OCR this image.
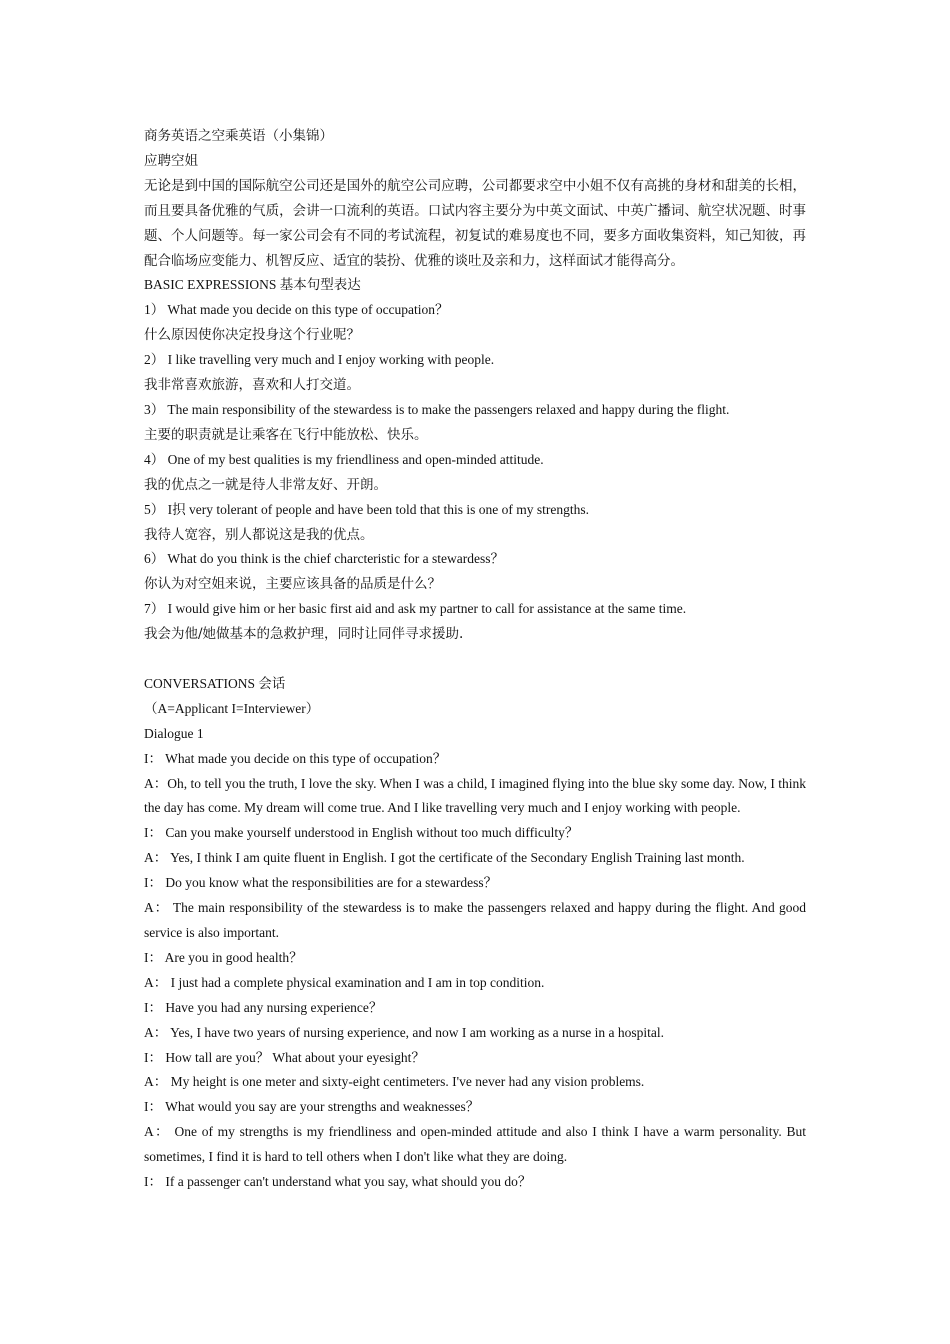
商务英语之空乘英语（小集锦）

应聘空姐

无论是到中国的国际航空公司还是国外的航空公司应聘，公司都要求空中小姐不仅有高挑的身材和甜美的长相，而且要具备优雅的气质，会讲一口流利的英语。口试内容主要分为中英文面试、中英广播词、航空状况题、时事题、个人问题等。每一家公司会有不同的考试流程，初复试的难易度也不同，要多方面收集资料，知己知彼，再配合临场应变能力、机智反应、适宜的装扮、优雅的谈吐及亲和力，这样面试才能得高分。

BASIC EXPRESSIONS 基本句型表达

1） What made you decide on this type of occupation？

什么原因使你决定投身这个行业呢？

2） I like travelling very much and I enjoy working with people.

我非常喜欢旅游，喜欢和人打交道。

3） The main responsibility of the stewardess is to make the passengers relaxed and happy during the flight.

主要的职责就是让乘客在飞行中能放松、快乐。

4） One of my best qualities is my friendliness and open-minded attitude.

我的优点之一就是待人非常友好、开朗。

5） I抧 very tolerant of people and have been told that this is one of my strengths.

我待人宽容，别人都说这是我的优点。

6） What do you think is the chief charcteristic for a stewardess？

你认为对空姐来说，主要应该具备的品质是什么？

7） I would give him or her basic first aid and ask my partner to call for assistance at the same time.

我会为他/她做基本的急救护理，同时让同伴寻求援助.

CONVERSATIONS 会话

（A=Applicant I=Interviewer）

Dialogue 1

I： What made you decide on this type of occupation？

A：Oh, to tell you the truth, I love the sky. When I was a child, I imagined flying into the blue sky some day. Now, I think the day has come. My dream will come true. And I like travelling very much and I enjoy working with people.

I： Can you make yourself understood in English without too much difficulty？

A： Yes, I think I am quite fluent in English. I got the certificate of the Secondary English Training last month.

I： Do you know what the responsibilities are for a stewardess？

A： The main responsibility of the stewardess is to make the passengers relaxed and happy during the flight. And good service is also important.

I： Are you in good health？

A： I just had a complete physical examination and I am in top condition.

I： Have you had any nursing experience？

A： Yes, I have two years of nursing experience, and now I am working as a nurse in a hospital.

I： How tall are you？ What about your eyesight？

A： My height is one meter and sixty-eight centimeters. I've never had any vision problems.

I： What would you say are your strengths and weaknesses？

A： One of my strengths is my friendliness and open-minded attitude and also I think I have a warm personality. But sometimes, I find it is hard to tell others when I don't like what they are doing.

I： If a passenger can't understand what you say, what should you do？
